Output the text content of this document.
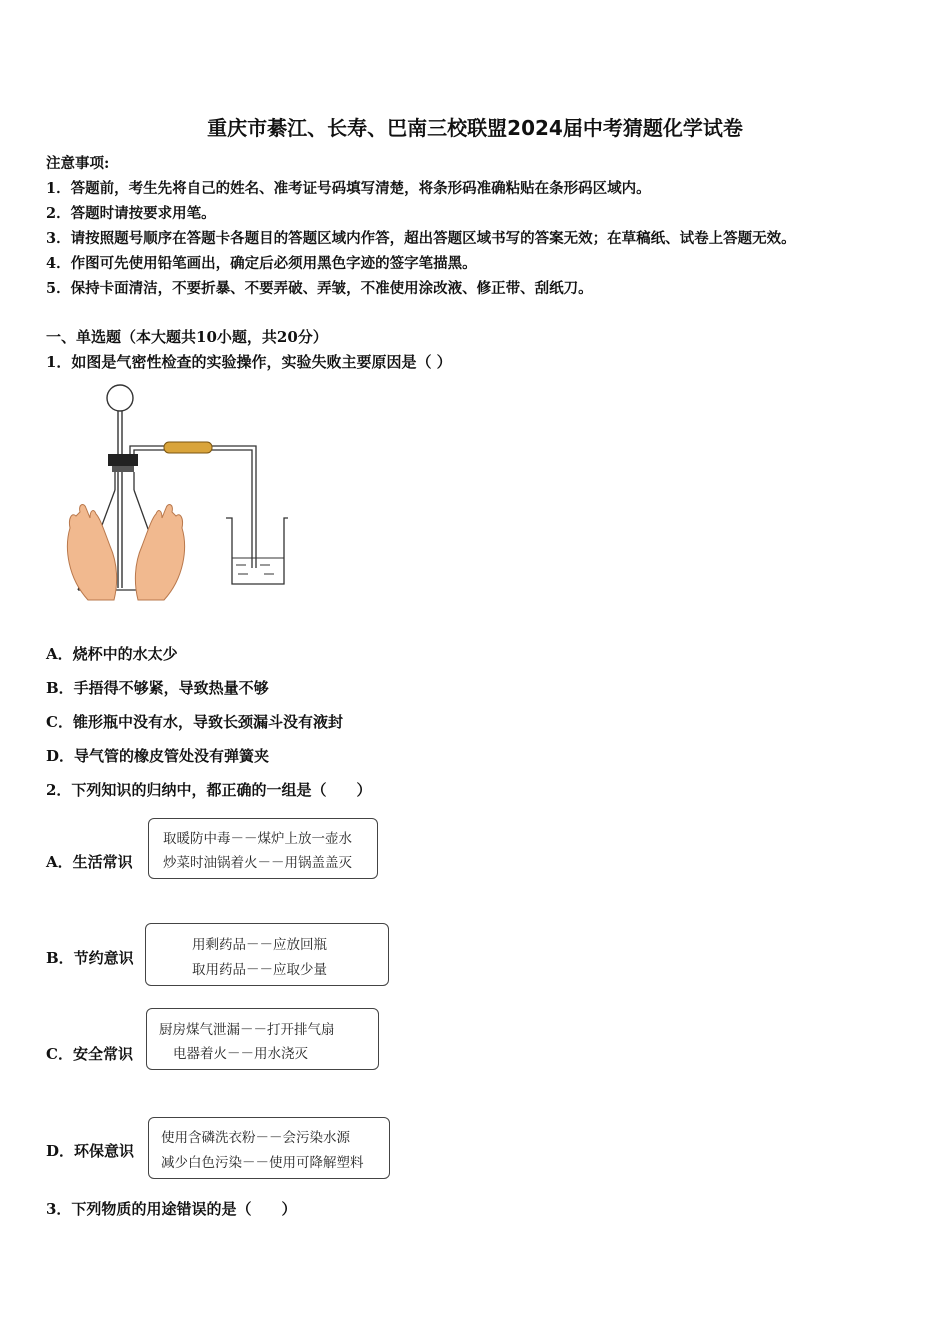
重庆市綦江、长寿、巴南三校联盟2024届中考猜题化学试卷
注意事项:
1．答题前，考生先将自己的姓名、准考证号码填写清楚，将条形码准确粘贴在条形码区域内。
2．答题时请按要求用笔。
3．请按照题号顺序在答题卡各题目的答题区域内作答，超出答题区域书写的答案无效；在草稿纸、试卷上答题无效。
4．作图可先使用铅笔画出，确定后必须用黑色字迹的签字笔描黑。
5．保持卡面清洁，不要折暴、不要弄破、弄皱，不准使用涂改液、修正带、刮纸刀。
一、单选题（本大题共10小题，共20分）
1．如图是气密性检查的实验操作，实验失败主要原因是（ ）
A．烧杯中的水太少
B．手捂得不够紧，导致热量不够
C．锥形瓶中没有水，导致长颈漏斗没有液封
D．导气管的橡皮管处没有弹簧夹
2．下列知识的归纳中，都正确的一组是（　　）
A．生活常识
取暖防中毒－－煤炉上放一壶水
炒菜时油锅着火－－用锅盖盖灭
B．节约意识
用剩药品－－应放回瓶
取用药品－－应取少量
C．安全常识
厨房煤气泄漏－－打开排气扇
电器着火－－用水浇灭
D．环保意识
使用含磷洗衣粉－－会污染水源
减少白色污染－－使用可降解塑料
3．下列物质的用途错误的是（　　）
